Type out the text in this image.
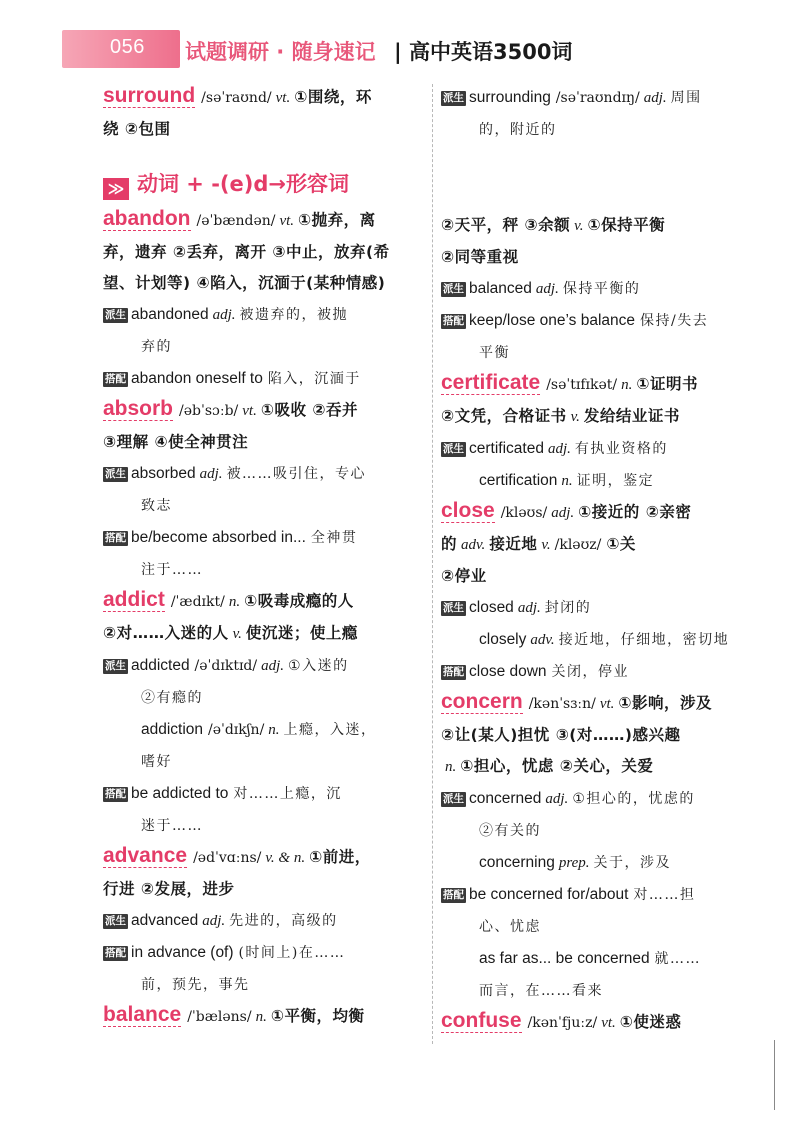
056 试题调研 · 随身速记 | 高中英语3500词

surround /səˈraʊnd/ vt. ①围绕，环

绕 ②包围

≫ 动词 + -(e)d→形容词

abandon /əˈbændən/ vt. ①抛弃，离

弃，遗弃 ②丢弃，离开 ③中止，放弃(希

望、计划等) ④陷入，沉湎于(某种情感)

派生 abandoned adj. 被遗弃的，被抛

弃的

搭配 abandon oneself to 陷入，沉湎于

absorb /əbˈsɔːb/ vt. ①吸收 ②吞并

③理解 ④使全神贯注

派生 absorbed adj. 被……吸引住，专心

致志

搭配 be/become absorbed in... 全神贯

注于……

addict /ˈædɪkt/ n. ①吸毒成瘾的人

②对……入迷的人 v. 使沉迷；使上瘾

派生 addicted /əˈdɪktɪd/ adj. ①入迷的

②有瘾的

addiction /əˈdɪkʃn/ n. 上瘾，入迷，

嗜好

搭配 be addicted to 对……上瘾，沉

迷于……

advance /ədˈvɑːns/ v. & n. ①前进，

行进 ②发展，进步

派生 advanced adj. 先进的，高级的

搭配 in advance (of) (时间上)在……

前，预先，事先

balance /ˈbæləns/ n. ①平衡，均衡

派生 surrounding /səˈraʊndɪŋ/ adj. 周围

的，附近的

②天平，秤 ③余额 v. ①保持平衡

②同等重视

派生 balanced adj. 保持平衡的

搭配 keep/lose one’s balance 保持/失去

平衡

certificate /səˈtɪfɪkət/ n. ①证明书

②文凭，合格证书 v. 发给结业证书

派生 certificated adj. 有执业资格的

certification n. 证明，鉴定

close /kləʊs/ adj. ①接近的 ②亲密

的 adv. 接近地 v. /kləʊz/ ①关

②停业

派生 closed adj. 封闭的

closely adv. 接近地，仔细地，密切地

搭配 close down 关闭，停业

concern /kənˈsɜːn/ vt. ①影响，涉及

②让(某人)担忧 ③(对……)感兴趣

n. ①担心，忧虑 ②关心，关爱

派生 concerned adj. ①担心的，忧虑的

②有关的

concerning prep. 关于，涉及

搭配 be concerned for/about 对……担

心、忧虑

as far as... be concerned 就……

而言，在……看来

confuse /kənˈfjuːz/ vt. ①使迷惑
